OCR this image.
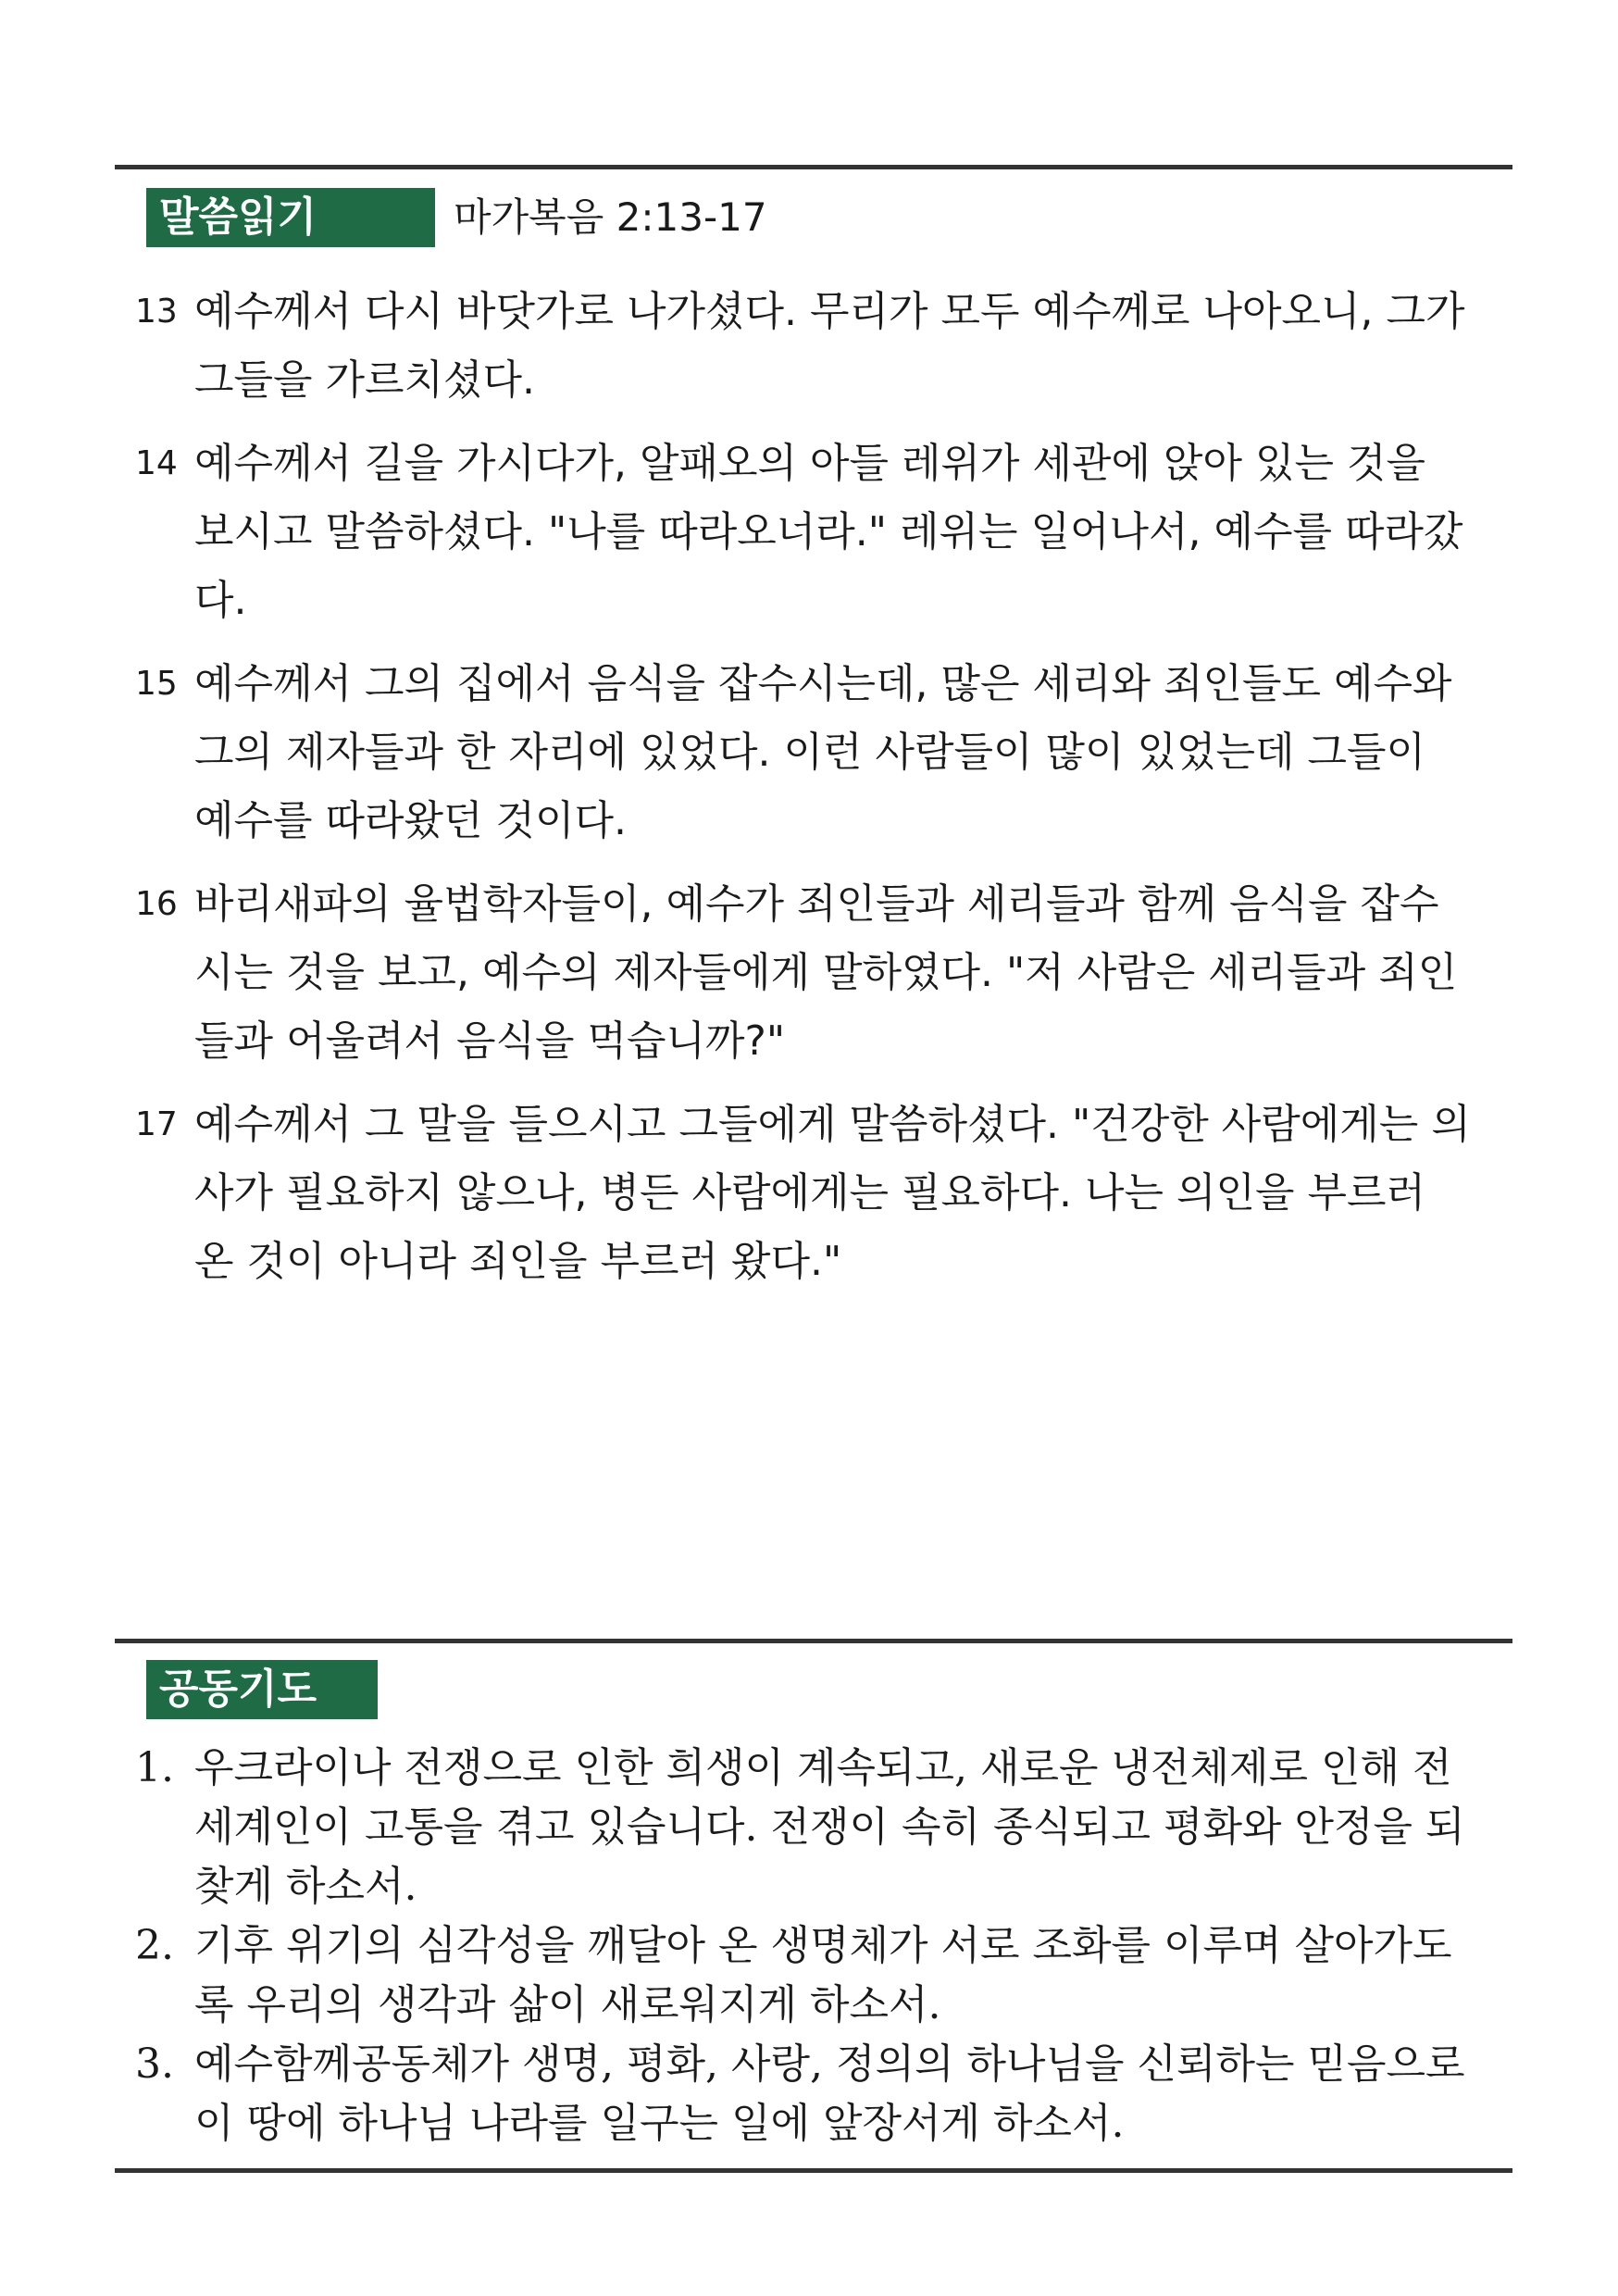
말씀읽기	마가복음 2:13-17
13 예수께서 다시 바닷가로 나가셨다. 무리가 모두 예수께로 나아오니, 그가 그들을 가르치셨다.
14 예수께서 길을 가시다가, 알패오의 아들 레위가 세관에 앉아 있는 것을 보시고 말씀하셨다. "나를 따라오너라." 레위는 일어나서, 예수를 따라갔다.
15 예수께서 그의 집에서 음식을 잡수시는데, 많은 세리와 죄인들도 예수와 그의 제자들과 한 자리에 있었다. 이런 사람들이 많이 있었는데 그들이 예수를 따라왔던 것이다.
16 바리새파의 율법학자들이, 예수가 죄인들과 세리들과 함께 음식을 잡수시는 것을 보고, 예수의 제자들에게 말하였다. "저 사람은 세리들과 죄인들과 어울려서 음식을 먹습니까?"
17 예수께서 그 말을 들으시고 그들에게 말씀하셨다. "건강한 사람에게는 의사가 필요하지 않으나, 병든 사람에게는 필요하다. 나는 의인을 부르러 온 것이 아니라 죄인을 부르러 왔다."
공동기도
1. 우크라이나 전쟁으로 인한 희생이 계속되고, 새로운 냉전체제로 인해 전 세계인이 고통을 겪고 있습니다. 전쟁이 속히 종식되고 평화와 안정을 되찾게 하소서.
2. 기후 위기의 심각성을 깨달아 온 생명체가 서로 조화를 이루며 살아가도록 우리의 생각과 삶이 새로워지게 하소서.
3. 예수함께공동체가 생명, 평화, 사랑, 정의의 하나님을 신뢰하는 믿음으로 이 땅에 하나님 나라를 일구는 일에 앞장서게 하소서.
